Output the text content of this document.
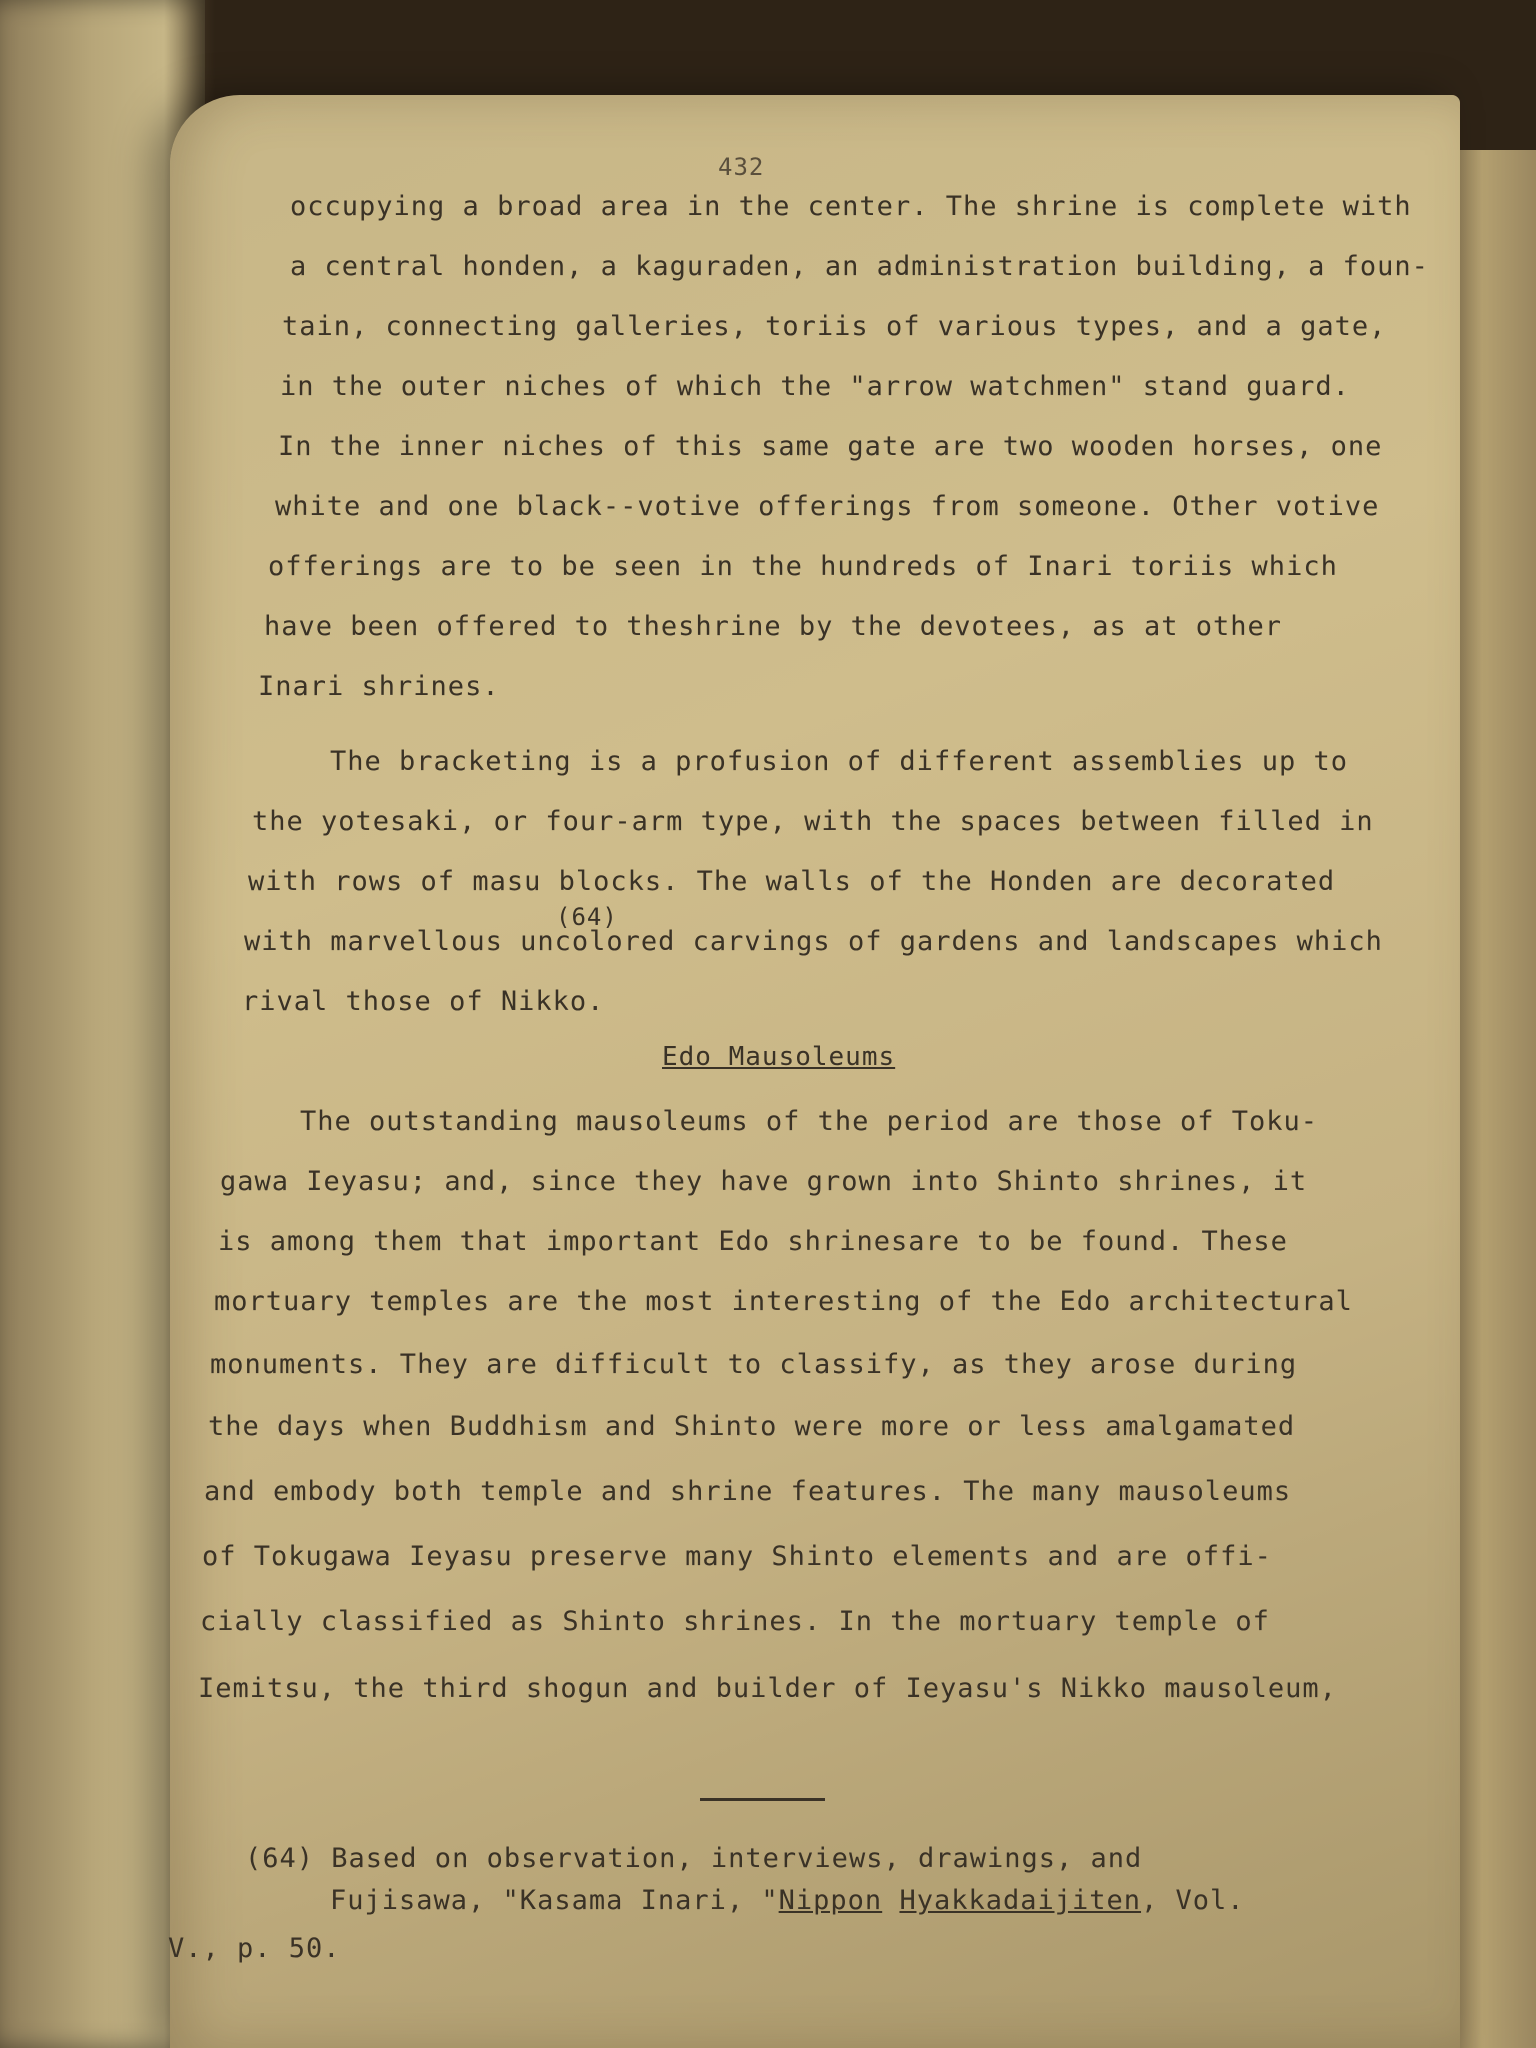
432

occupying a broad area in the center. The shrine is complete with

a central honden, a kaguraden, an administration building, a foun-

tain, connecting galleries, toriis of various types, and a gate,

in the outer niches of which the "arrow watchmen" stand guard.

In the inner niches of this same gate are two wooden horses, one

white and one black--votive offerings from someone. Other votive

offerings are to be seen in the hundreds of Inari toriis which

have been offered to theshrine by the devotees, as at other

Inari shrines.

The bracketing is a profusion of different assemblies up to

the yotesaki, or four-arm type, with the spaces between filled in

with rows of masu blocks. The walls of the Honden are decorated

with marvellous uncolored carvings of gardens and landscapes which

rival those of Nikko.

(64)

Edo Mausoleums

The outstanding mausoleums of the period are those of Toku-

gawa Ieyasu; and, since they have grown into Shinto shrines, it

is among them that important Edo shrinesare to be found. These

mortuary temples are the most interesting of the Edo architectural

monuments. They are difficult to classify, as they arose during

the days when Buddhism and Shinto were more or less amalgamated

and embody both temple and shrine features. The many mausoleums

of Tokugawa Ieyasu preserve many Shinto elements and are offi-

cially classified as Shinto shrines. In the mortuary temple of

Iemitsu, the third shogun and builder of Ieyasu's Nikko mausoleum,

(64) Based on observation, interviews, drawings, and

Fujisawa, "Kasama Inari, "Nippon Hyakkadaijiten, Vol.

V., p. 50.
